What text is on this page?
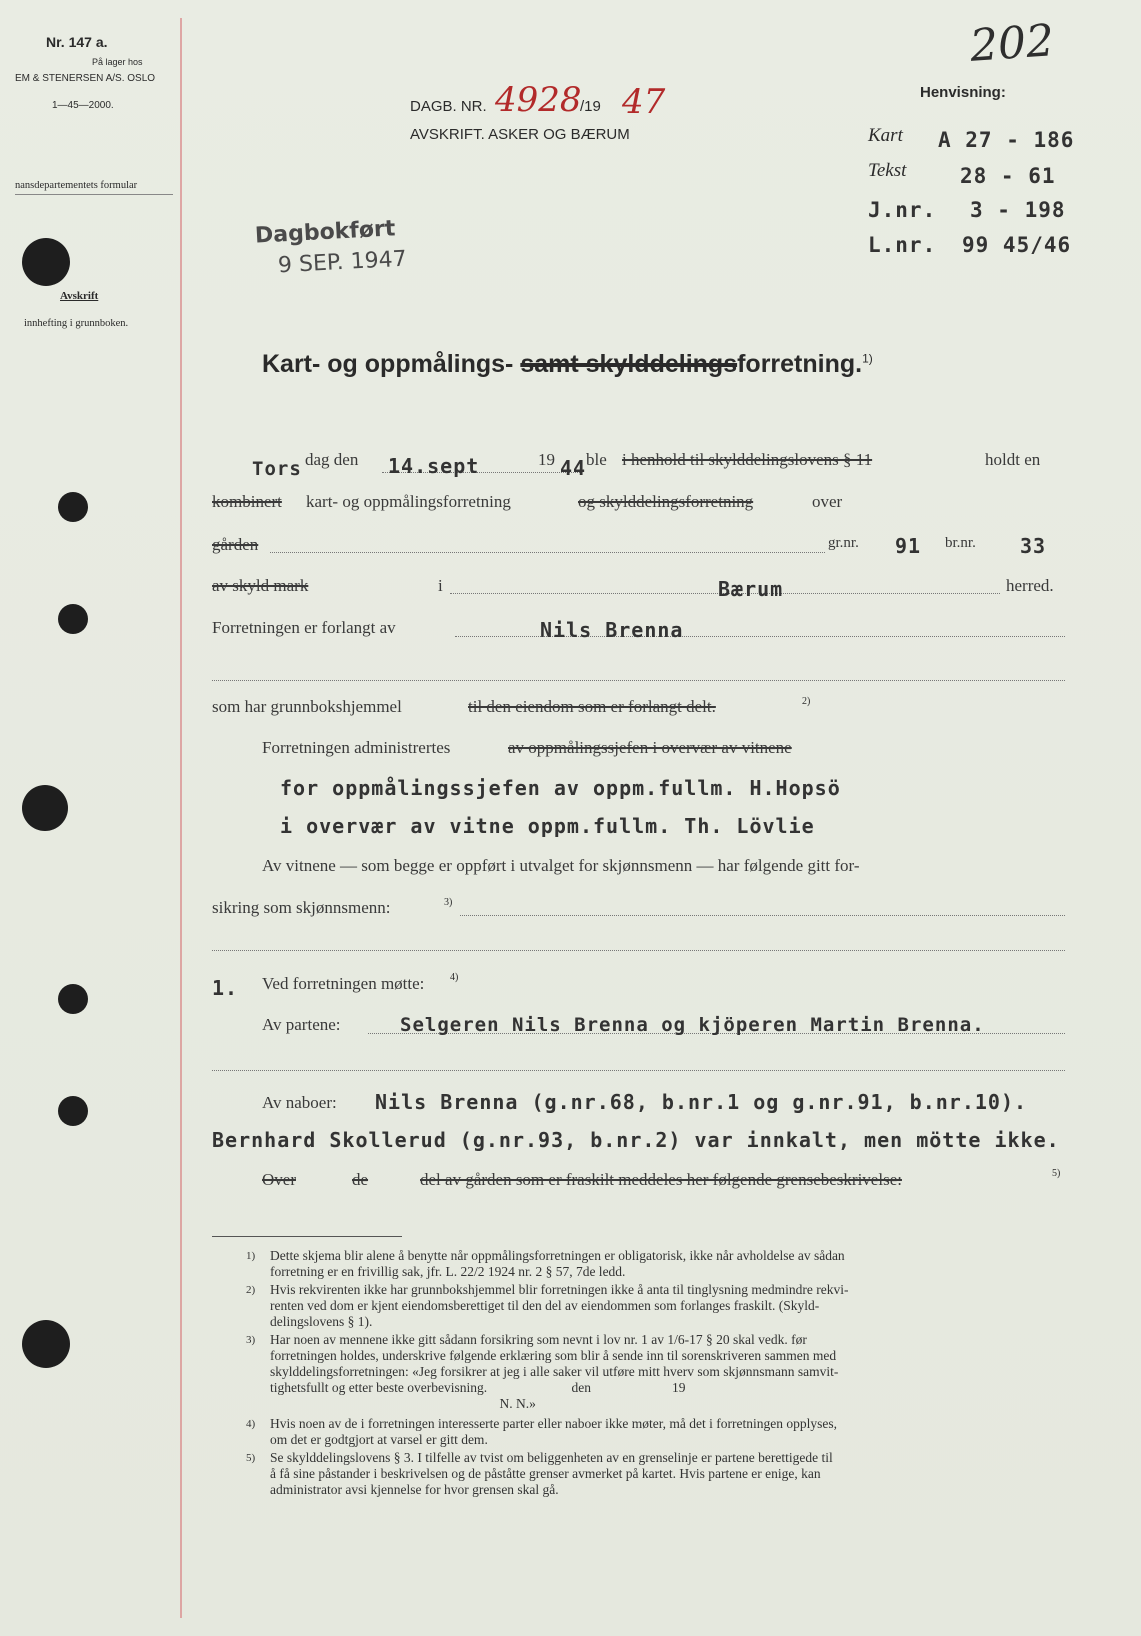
Nr. 147 a.
På lager hos
EM & STENERSEN A/S. OSLO
1—45—2000.
nansdepartementets formular
Avskrift
innhefting i grunnboken.
202
DAGB. NR. 4928
/19 47
AVSKRIFT. ASKER OG BÆRUM
Dagbokført
9 SEP. 1947
Henvisning:
Kart A 27 - 186
Tekst	28 - 61
J.nr. 3 - 198
L.nr. 99 45/46
Kart- og oppmålings- samt skylddelingsforretning.$^{1)}$
Tors dag den 14.sept	19 44 ble i henhold til skylddelingslovens § 11	holdt en
kombinert kart- og oppmålingsforretning	og skylddelingsforretning	over
gården	gr.nr. 91 br.nr. 33
av skyld mark	i	Bærum	herred.
Forretningen er forlangt av	Nils Brenna
som har grunnbokshjemmel	til den eiendom som er forlangt delt.	2)
Forretningen administrertes	av oppmålingssjefen i overvær av vitnene
for oppmålingssjefen av oppm.fullm. H.Hopsö
i overvær av vitne oppm.fullm. Th. Lövlie
Av vitnene — som begge er oppført i utvalget for skjønnsmenn — har følgende gitt for-
sikring som skjønnsmenn:	3)
1. Ved forretningen møtte:	4)
Av partene:	Selgeren Nils Brenna og kjöperen Martin Brenna.
Av naboer: Nils Brenna (g.nr.68, b.nr.1 og g.nr.91, b.nr.10).
Bernhard Skollerud (g.nr.93, b.nr.2) var innkalt, men mötte ikke.
Over	de	del av gården som er fraskilt meddeles her følgende grensebeskrivelse:	5)
1) Dette skjema blir alene å benytte når oppmålingsforretningen er obligatorisk, ikke når avholdelse av sådan
forretning er en frivillig sak, jfr. L. 22/2 1924 nr. 2 § 57, 7de ledd.
2) Hvis rekvirenten ikke har grunnbokshjemmel blir forretningen ikke å anta til tinglysning medmindre rekvi-
renten ved dom er kjent eiendomsberettiget til den del av eiendommen som forlanges fraskilt. (Skyld-
delingslovens § 1).
3) Har noen av mennene ikke gitt sådann forsikring som nevnt i lov nr. 1 av 1/6-17 § 20 skal vedk. før
forretningen holdes, underskrive følgende erklæring som blir å sende inn til sorenskriveren sammen med
skylddelingsforretningen: «Jeg forsikrer at jeg i alle saker vil utføre mitt hverv som skjønnsmann samvit-
tighetsfullt og etter beste overbevisning.                         den                        19
N. N.»
4) Hvis noen av de i forretningen interesserte parter eller naboer ikke møter, må det i forretningen opplyses,
om det er godtgjort at varsel er gitt dem.
5) Se skylddelingslovens § 3. I tilfelle av tvist om beliggenheten av en grenselinje er partene berettigede til
å få sine påstander i beskrivelsen og de påståtte grenser avmerket på kartet. Hvis partene er enige, kan
administrator avsi kjennelse for hvor grensen skal gå.
